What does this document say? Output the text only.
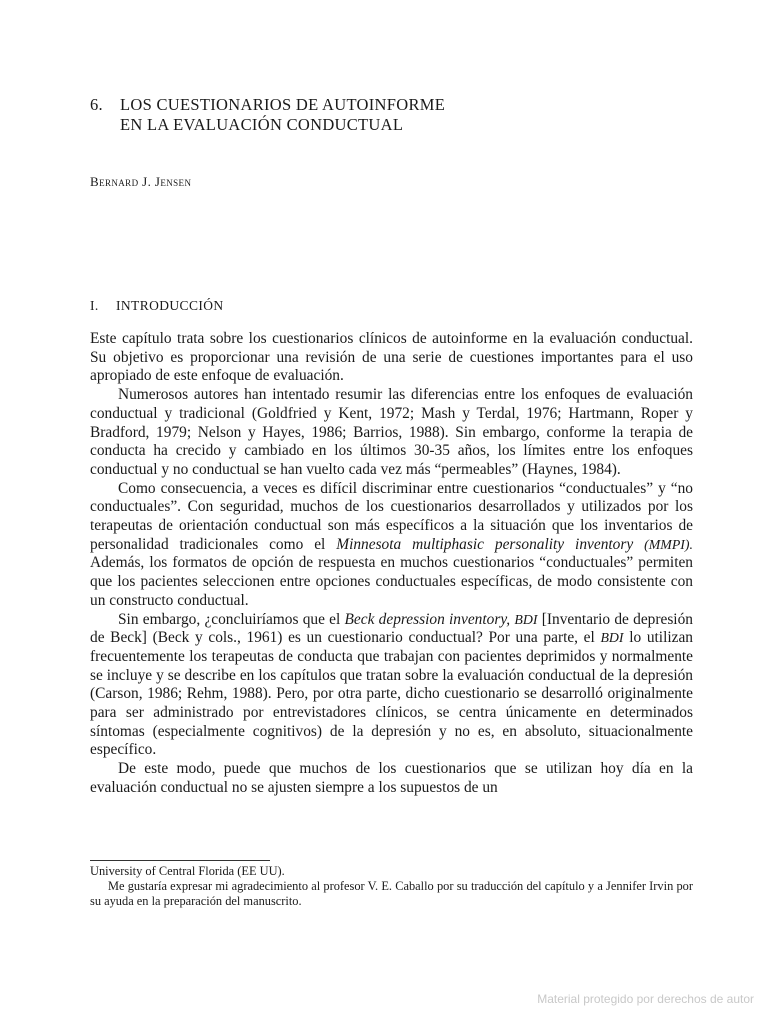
6. LOS CUESTIONARIOS DE AUTOINFORME
EN LA EVALUACIÓN CONDUCTUAL
Bernard J. Jensen
I. INTRODUCCIÓN

Este capítulo trata sobre los cuestionarios clínicos de autoinforme en la evaluación conductual. Su objetivo es proporcionar una revisión de una serie de cuestiones importantes para el uso apropiado de este enfoque de evaluación.

Numerosos autores han intentado resumir las diferencias entre los enfoques de evaluación conductual y tradicional (Goldfried y Kent, 1972; Mash y Terdal, 1976; Hartmann, Roper y Bradford, 1979; Nelson y Hayes, 1986; Barrios, 1988). Sin embargo, conforme la terapia de conducta ha crecido y cambiado en los últimos 30-35 años, los límites entre los enfoques conductual y no conductual se han vuelto cada vez más “permeables” (Haynes, 1984).

Como consecuencia, a veces es difícil discriminar entre cuestionarios “conductuales” y “no conductuales”. Con seguridad, muchos de los cuestionarios desarrollados y utilizados por los terapeutas de orientación conductual son más específicos a la situación que los inventarios de personalidad tradicionales como el Minnesota multiphasic personality inventory (MMPI). Además, los formatos de opción de respuesta en muchos cuestionarios “conductuales” permiten que los pacientes seleccionen entre opciones conductuales específicas, de modo consistente con un constructo conductual.

Sin embargo, ¿concluiríamos que el Beck depression inventory, BDI [Inventario de depresión de Beck] (Beck y cols., 1961) es un cuestionario conductual? Por una parte, el BDI lo utilizan frecuentemente los terapeutas de conducta que trabajan con pacientes deprimidos y normalmente se incluye y se describe en los capítulos que tratan sobre la evaluación conductual de la depresión (Carson, 1986; Rehm, 1988). Pero, por otra parte, dicho cuestionario se desarrolló originalmente para ser administrado por entrevistadores clínicos, se centra únicamente en determinados síntomas (especialmente cognitivos) de la depresión y no es, en absoluto, situacionalmente específico.

De este modo, puede que muchos de los cuestionarios que se utilizan hoy día en la evaluación conductual no se ajusten siempre a los supuestos de un

University of Central Florida (EE UU).

Me gustaría expresar mi agradecimiento al profesor V. E. Caballo por su traducción del capítulo y a Jennifer Irvin por su ayuda en la preparación del manuscrito.

Material protegido por derechos de autor
